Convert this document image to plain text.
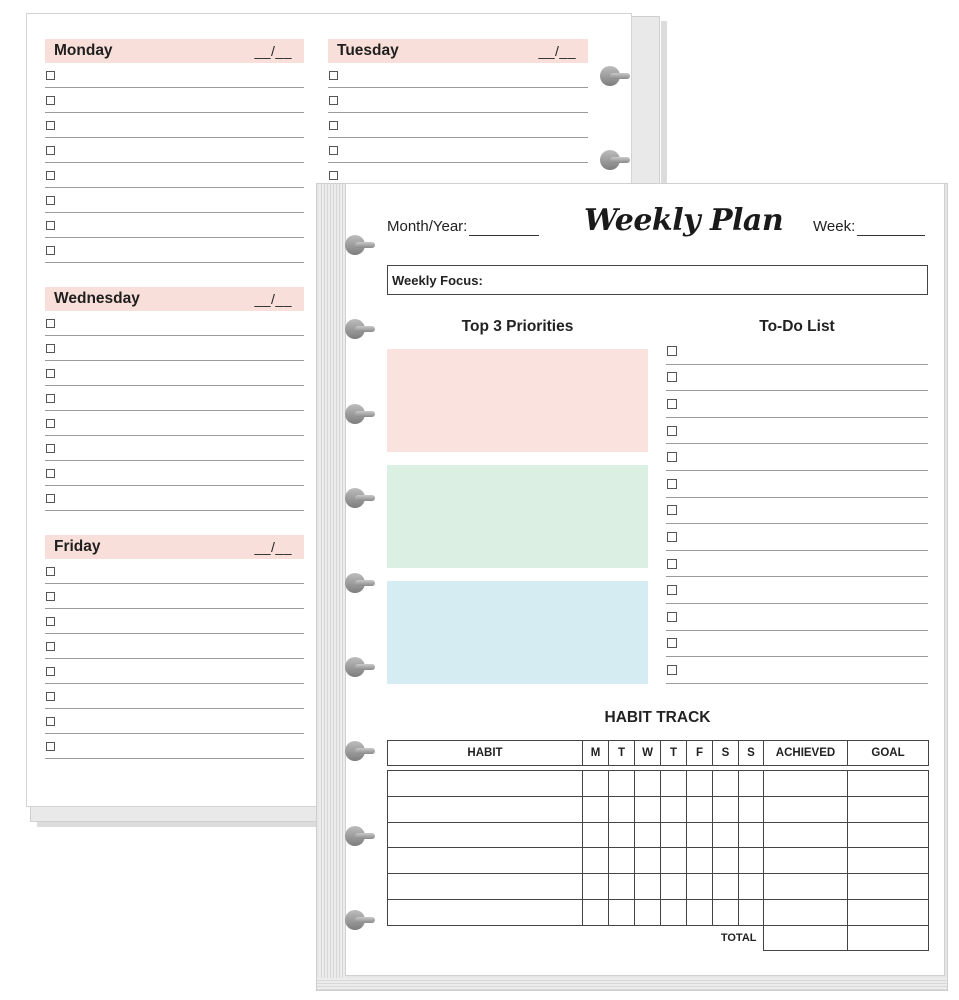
Monday	__/__	Tuesday	__/__
Wednesday	__/__
Friday	__/__
Month/Year:	Weekly Plan Week:
Weekly Focus:
Top 3 Priorities	To-Do List
HABIT TRACK
HABIT	M	T	W	T	F	S	S	ACHIEVED	GOAL

TOTAL		
